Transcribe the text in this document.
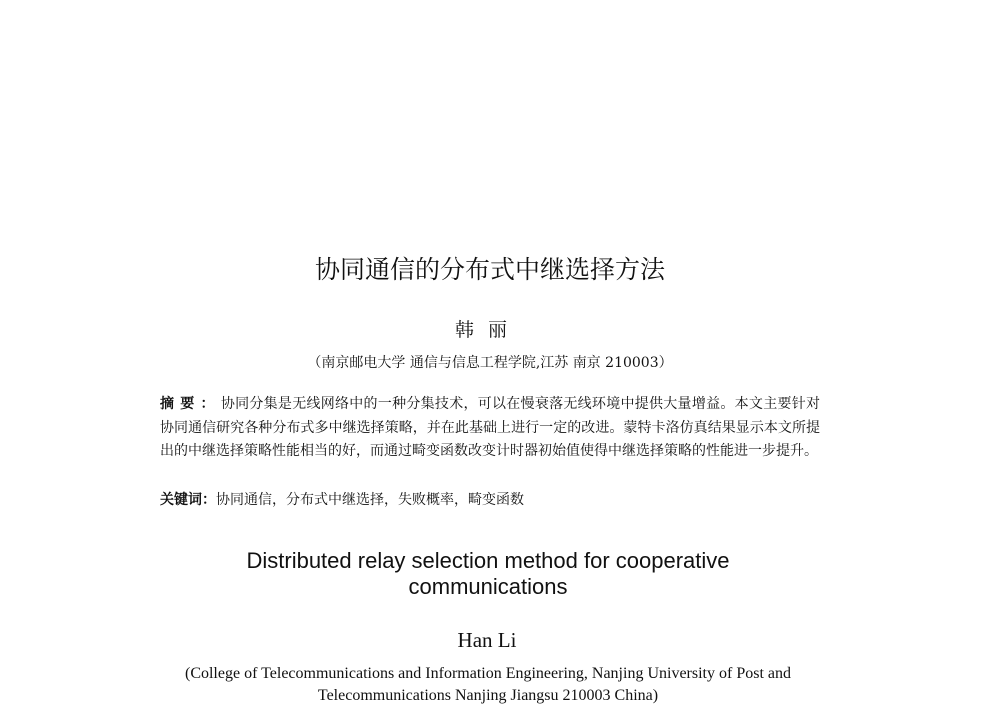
协同通信的分布式中继选择方法
韩丽
（南京邮电大学 通信与信息工程学院,江苏 南京 210003）
摘要：协同分集是无线网络中的一种分集技术，可以在慢衰落无线环境中提供大量增益。本文主要针对协同通信研究各种分布式多中继选择策略，并在此基础上进行一定的改进。蒙特卡洛仿真结果显示本文所提出的中继选择策略性能相当的好，而通过畸变函数改变计时器初始值使得中继选择策略的性能进一步提升。
关键词：协同通信，分布式中继选择，失败概率，畸变函数
Distributed relay selection method for cooperative
communications
Han Li
(College of Telecommunications and Information Engineering, Nanjing University of Post and
Telecommunications Nanjing Jiangsu 210003 China)
